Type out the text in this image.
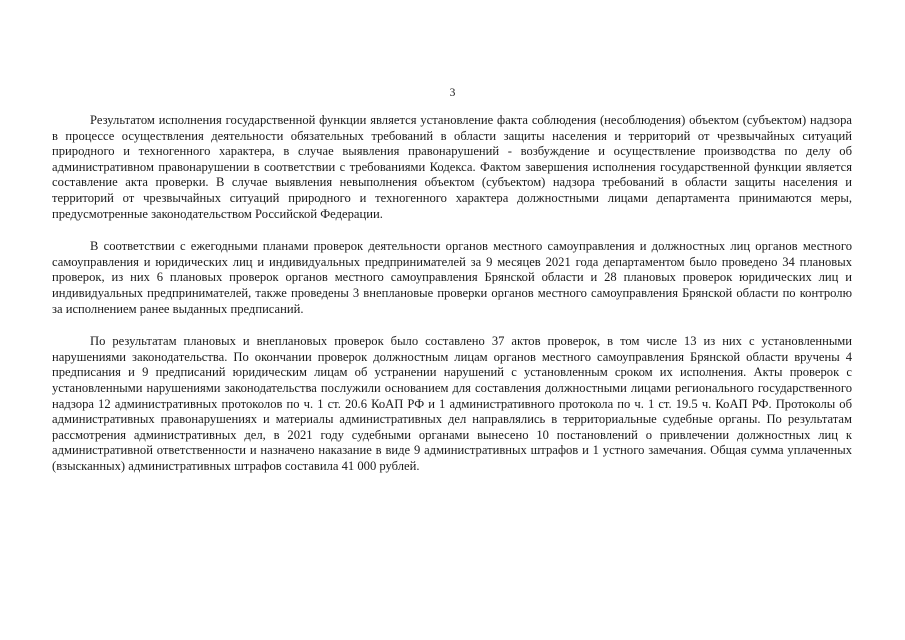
3

Результатом исполнения государственной функции является установление факта соблюдения (несоблюдения) объектом (субъектом) надзора в процессе осуществления деятельности обязательных требований в области защиты населения и территорий от чрезвычайных ситуаций природного и техногенного характера, в случае выявления правонарушений - возбуждение и осуществление производства по делу об административном правонарушении в соответствии с требованиями Кодекса. Фактом завершения исполнения государственной функции является составление акта проверки. В случае выявления невыполнения объектом (субъектом) надзора требований в области защиты населения и территорий от чрезвычайных ситуаций природного и техногенного характера должностными лицами департамента принимаются меры, предусмотренные законодательством Российской Федерации.

В соответствии с ежегодными планами проверок деятельности органов местного самоуправления и должностных лиц органов местного самоуправления и юридических лиц и индивидуальных предпринимателей за 9 месяцев 2021 года департаментом было проведено 34 плановых проверок, из них 6 плановых проверок органов местного самоуправления Брянской области и 28 плановых проверок юридических лиц и индивидуальных предпринимателей, также проведены 3 внеплановые проверки органов местного самоуправления Брянской области по контролю за исполнением ранее выданных предписаний.

По результатам плановых и внеплановых проверок было составлено 37 актов проверок, в том числе 13 из них с установленными нарушениями законодательства. По окончании проверок должностным лицам органов местного самоуправления Брянской области вручены 4 предписания и 9 предписаний юридическим лицам об устранении нарушений с установленным сроком их исполнения. Акты проверок с установленными нарушениями законодательства послужили основанием для составления должностными лицами регионального государственного надзора 12 административных протоколов по ч. 1 ст. 20.6 КоАП РФ и 1 административного протокола по ч. 1 ст. 19.5 ч. КоАП РФ. Протоколы об административных правонарушениях и материалы административных дел направлялись в территориальные судебные органы. По результатам рассмотрения административных дел, в 2021 году судебными органами вынесено 10 постановлений о привлечении должностных лиц к административной ответственности и назначено наказание в виде 9 административных штрафов и 1 устного замечания. Общая сумма уплаченных (взысканных) административных штрафов составила 41 000 рублей.
